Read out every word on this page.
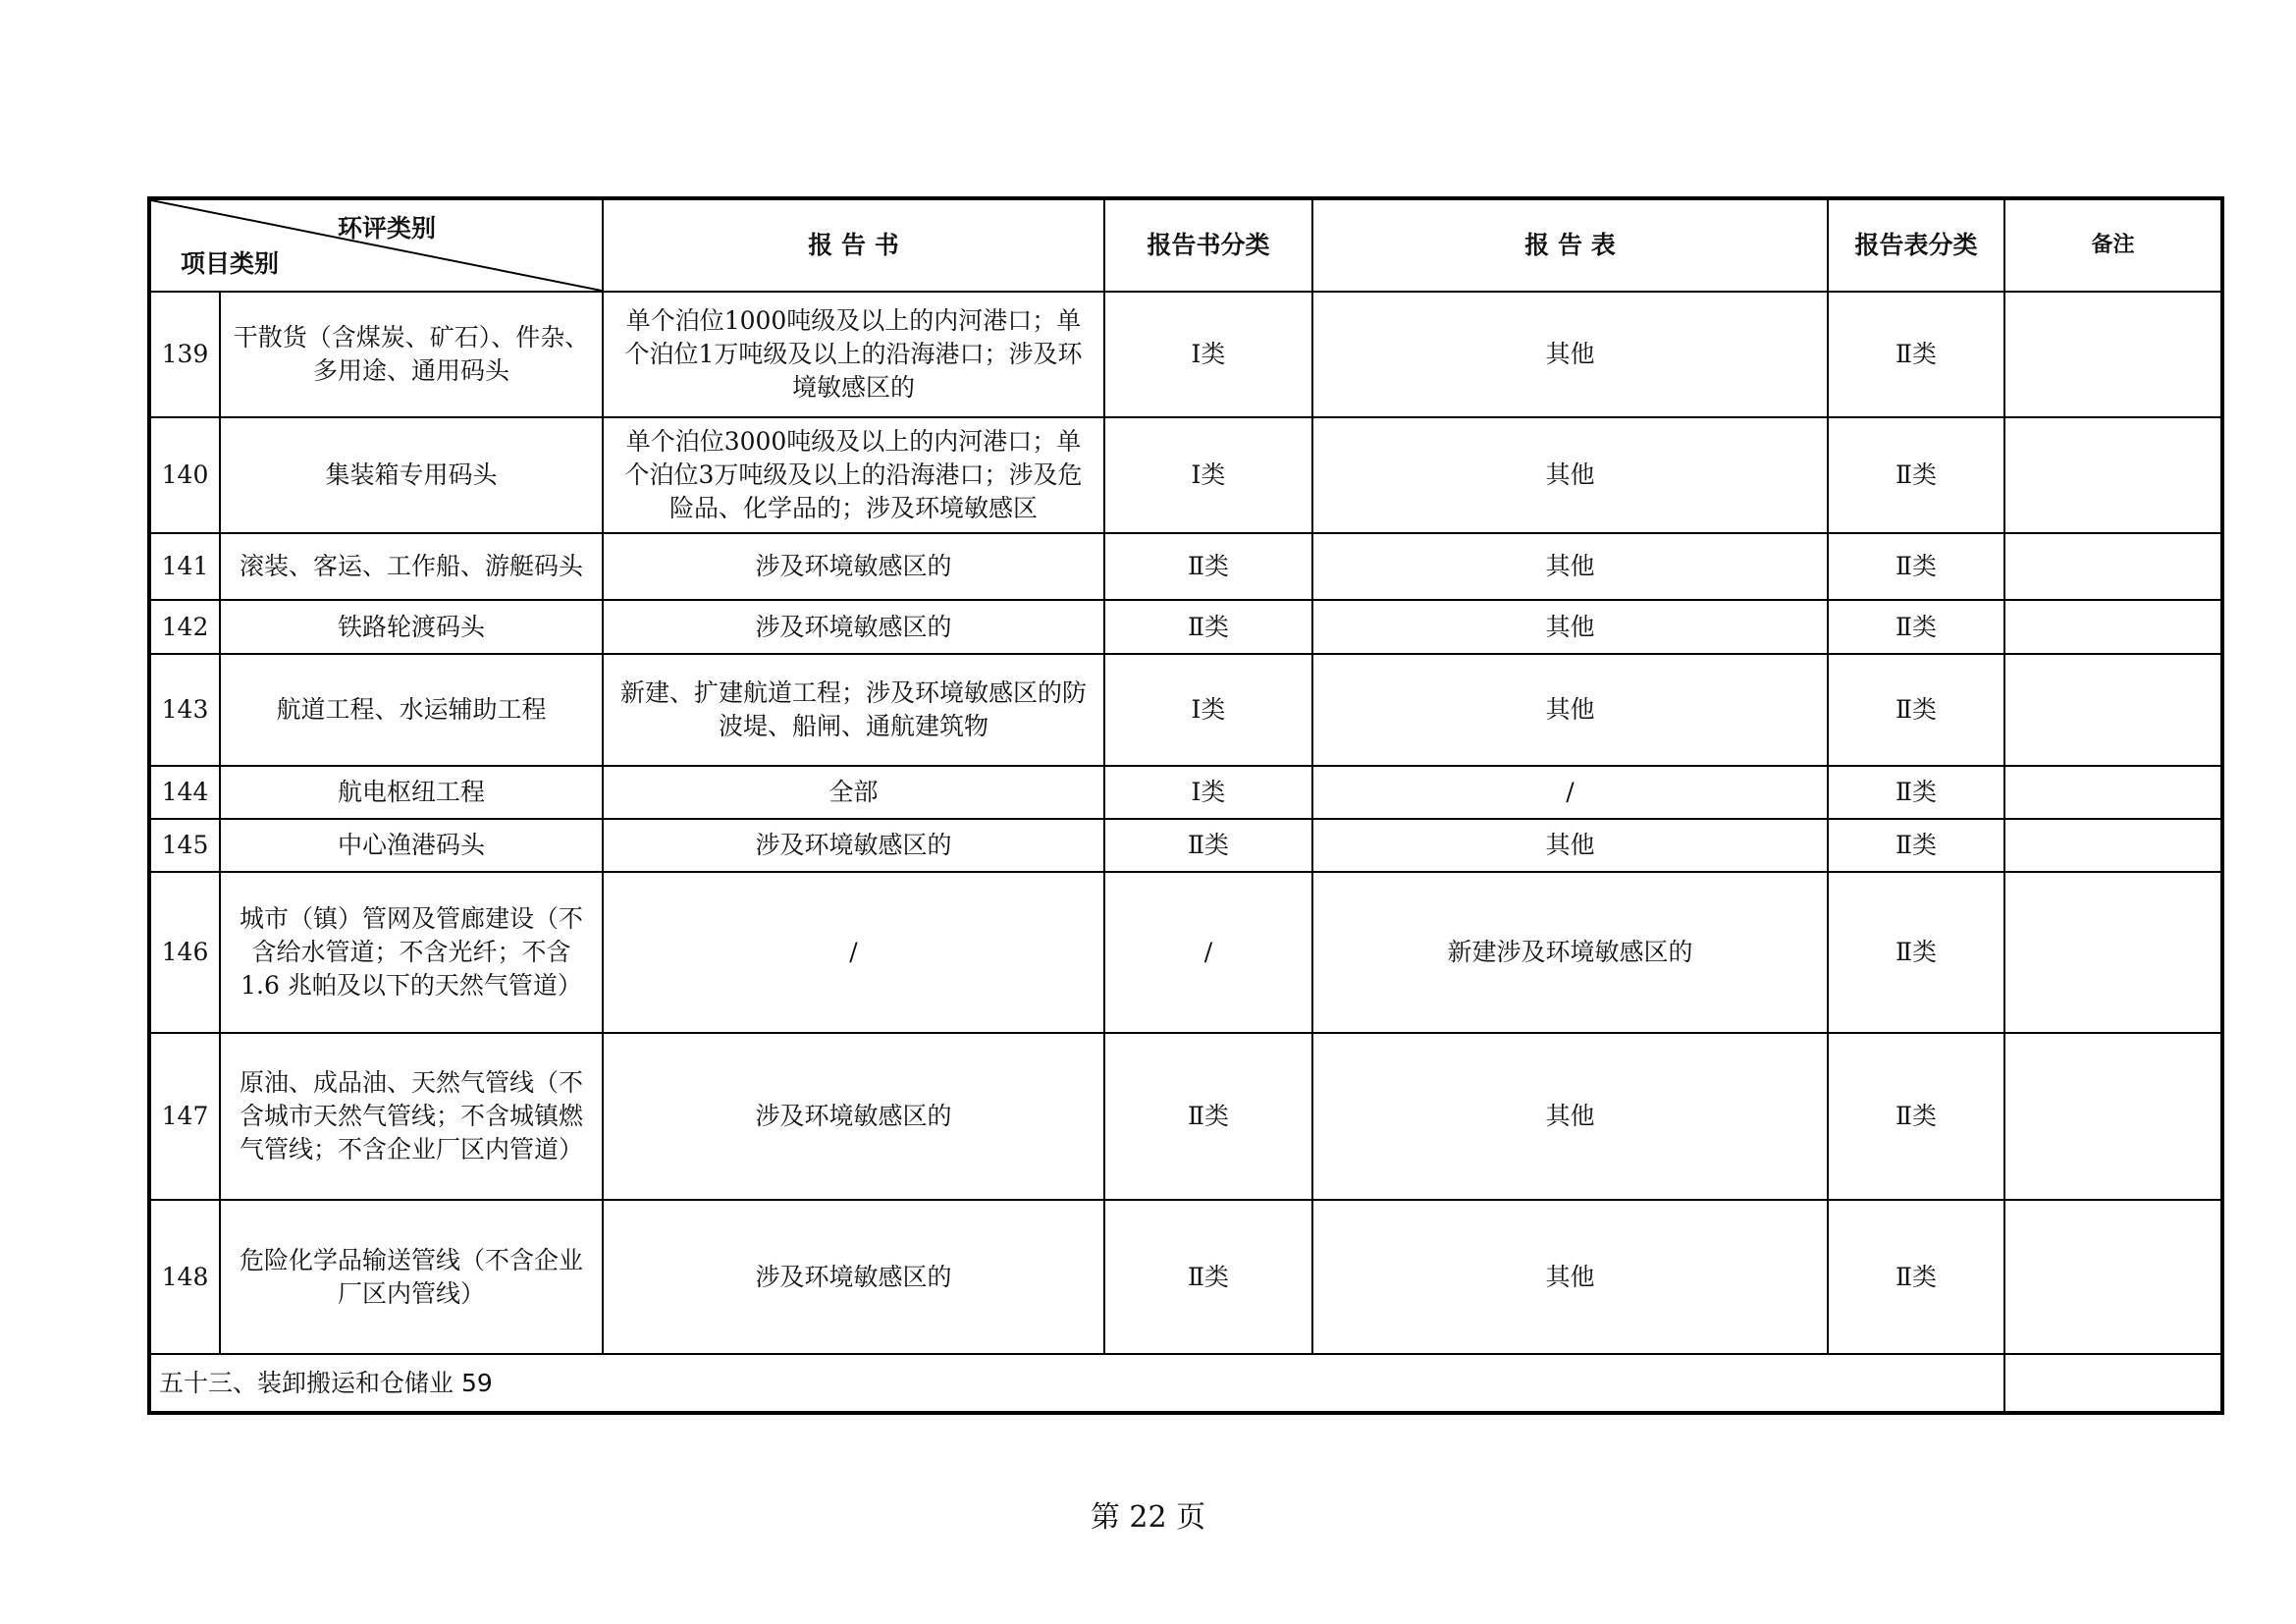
环评类别
项目类别		报 告 书	报告书分类	报 告 表	报告表分类	备注
139	干散货（含煤炭、矿石）、件杂、多用途、通用码头	单个泊位1000吨级及以上的内河港口；单个泊位1万吨级及以上的沿海港口；涉及环境敏感区的	Ⅰ类	其他	Ⅱ类	
140	集装箱专用码头	单个泊位3000吨级及以上的内河港口；单个泊位3万吨级及以上的沿海港口；涉及危险品、化学品的；涉及环境敏感区	Ⅰ类	其他	Ⅱ类	
141	滚装、客运、工作船、游艇码头	涉及环境敏感区的	Ⅱ类	其他	Ⅱ类	
142	铁路轮渡码头	涉及环境敏感区的	Ⅱ类	其他	Ⅱ类	
143	航道工程、水运辅助工程	新建、扩建航道工程；涉及环境敏感区的防波堤、船闸、通航建筑物	Ⅰ类	其他	Ⅱ类	
144	航电枢纽工程	全部	Ⅰ类	/	Ⅱ类	
145	中心渔港码头	涉及环境敏感区的	Ⅱ类	其他	Ⅱ类	
146	城市（镇）管网及管廊建设（不含给水管道；不含光纤；不含1.6 兆帕及以下的天然气管道）	/	/	新建涉及环境敏感区的	Ⅱ类	
147	原油、成品油、天然气管线（不含城市天然气管线；不含城镇燃气管线；不含企业厂区内管道）	涉及环境敏感区的	Ⅱ类	其他	Ⅱ类	
148	危险化学品输送管线（不含企业厂区内管线）	涉及环境敏感区的	Ⅱ类	其他	Ⅱ类	
五十三、装卸搬运和仓储业 59						
第 22 页
